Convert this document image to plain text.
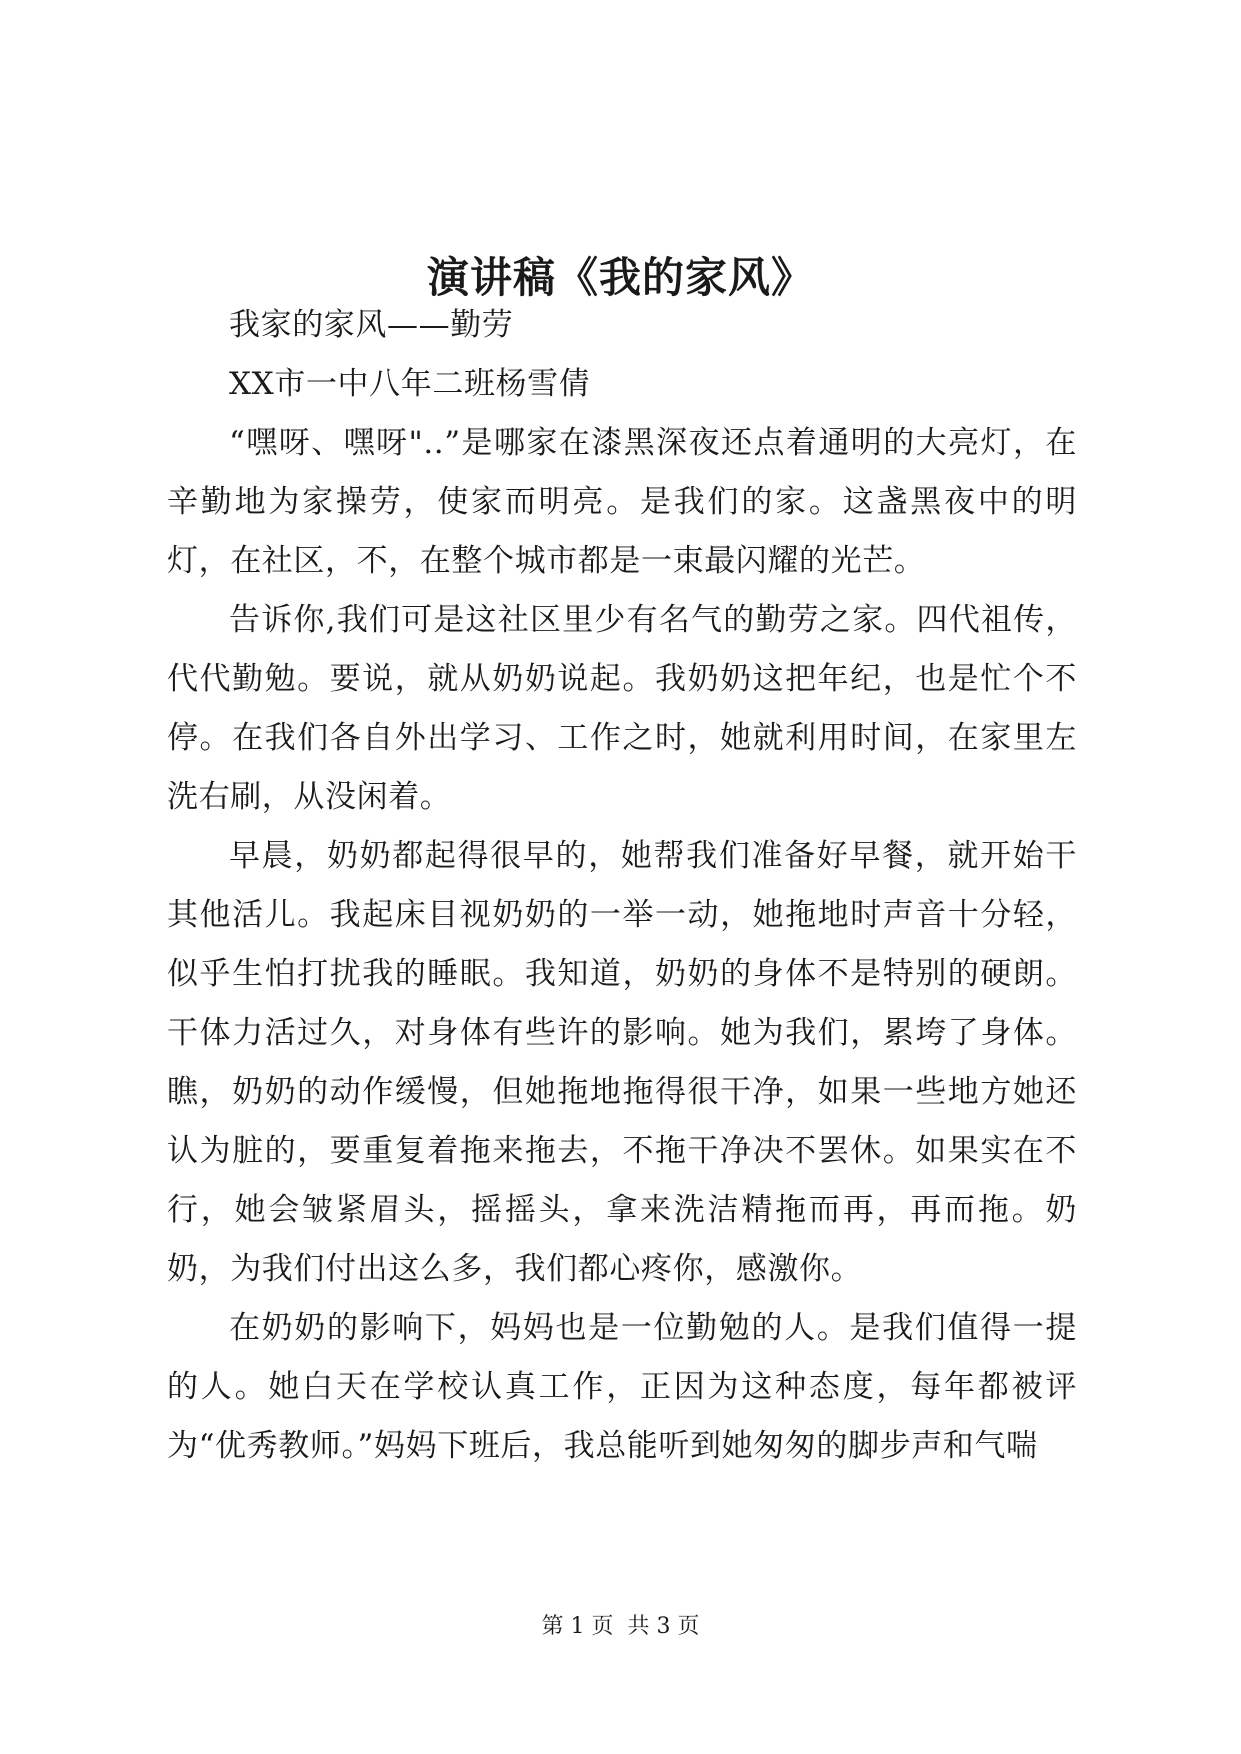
演讲稿《我的家风》

我家的家风——勤劳

XX市一中八年二班杨雪倩

“嘿呀、嘿呀"..”是哪家在漆黑深夜还点着通明的大亮灯，在辛勤地为家操劳，使家而明亮。是我们的家。这盏黑夜中的明灯，在社区，不，在整个城市都是一束最闪耀的光芒。

告诉你,我们可是这社区里少有名气的勤劳之家。四代祖传，代代勤勉。要说，就从奶奶说起。我奶奶这把年纪，也是忙个不停。在我们各自外出学习、工作之时，她就利用时间，在家里左洗右刷，从没闲着。

早晨，奶奶都起得很早的，她帮我们准备好早餐，就开始干其他活儿。我起床目视奶奶的一举一动，她拖地时声音十分轻，似乎生怕打扰我的睡眠。我知道，奶奶的身体不是特别的硬朗。干体力活过久，对身体有些许的影响。她为我们，累垮了身体。瞧，奶奶的动作缓慢，但她拖地拖得很干净，如果一些地方她还认为脏的，要重复着拖来拖去，不拖干净决不罢休。如果实在不行，她会皱紧眉头，摇摇头，拿来洗洁精拖而再，再而拖。奶奶，为我们付出这么多，我们都心疼你，感激你。

在奶奶的影响下，妈妈也是一位勤勉的人。是我们值得一提的人。她白天在学校认真工作，正因为这种态度，每年都被评为“优秀教师。”妈妈下班后，我总能听到她匆匆的脚步声和气喘

第 1 页 共 3 页
